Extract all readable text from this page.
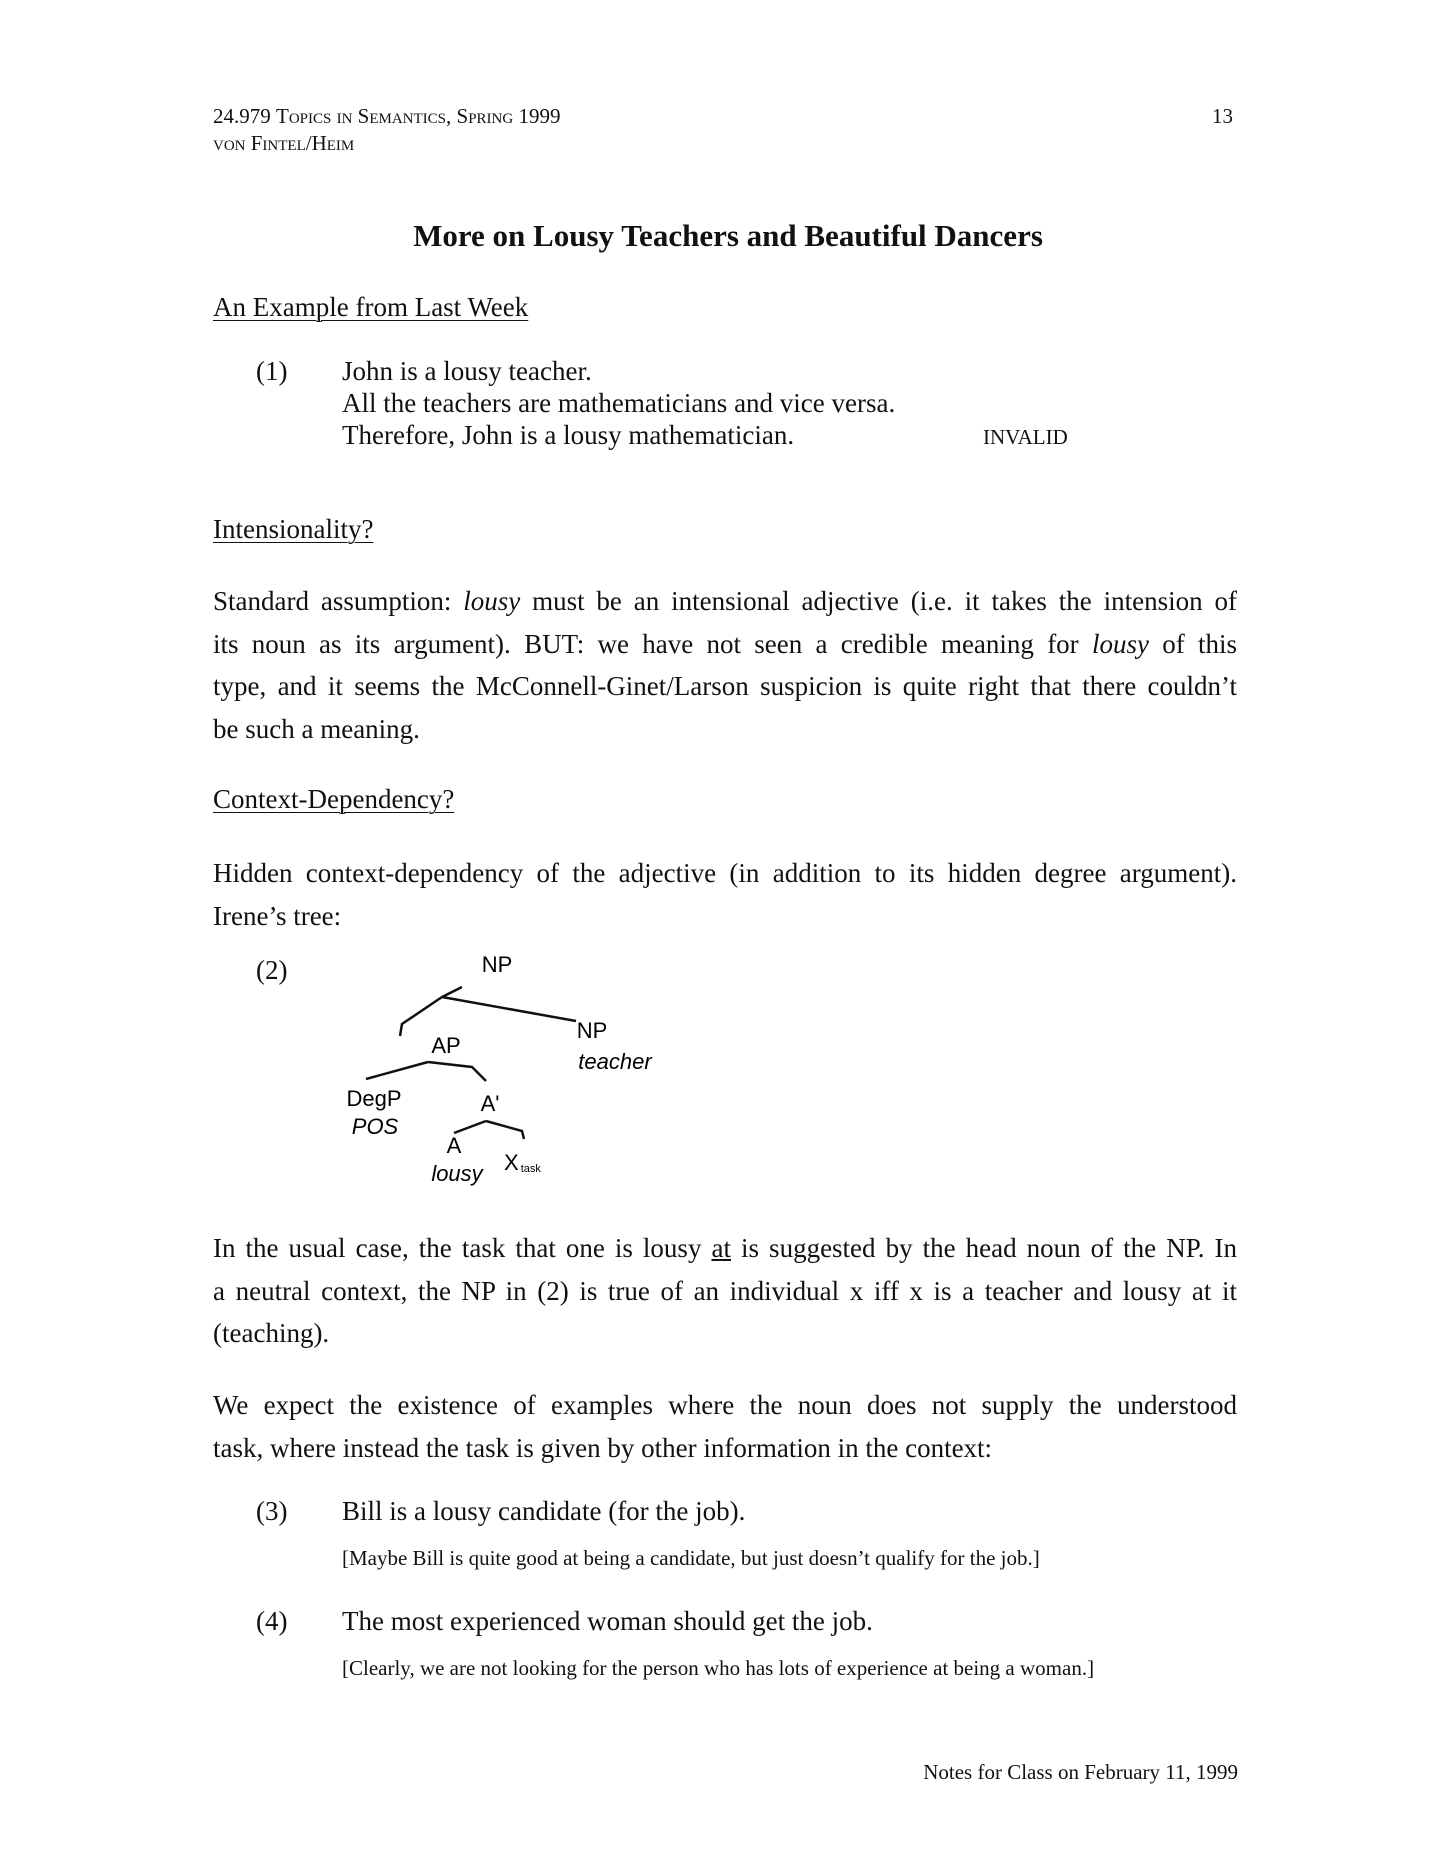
24.979 Topics in Semantics, Spring 1999
von Fintel/Heim
13
More on Lousy Teachers and Beautiful Dancers
An Example from Last Week
(1) John is a lousy teacher.
All the teachers are mathematicians and vice versa.
Therefore, John is a lousy mathematician.	INVALID
Intensionality?
Standard assumption: lousy must be an intensional adjective (i.e. it takes the intension of
its noun as its argument). BUT: we have not seen a credible meaning for lousy of this
type, and it seems the McConnell-Ginet/Larson suspicion is quite right that there couldn’t
be such a meaning.
Context-Dependency?
Hidden context-dependency of the adjective (in addition to its hidden degree argument).
Irene’s tree:
(2)	NP
AP
NP
teacher
DegP
POS
A'
A
lousy Xtask
In the usual case, the task that one is lousy at is suggested by the head noun of the NP. In
a neutral context, the NP in (2) is true of an individual x iff x is a teacher and lousy at it
(teaching).
We expect the existence of examples where the noun does not supply the understood
task, where instead the task is given by other information in the context:
(3) Bill is a lousy candidate (for the job).
[Maybe Bill is quite good at being a candidate, but just doesn’t qualify for the job.]
(4) The most experienced woman should get the job.
[Clearly, we are not looking for the person who has lots of experience at being a woman.]
Notes for Class on February 11, 1999
